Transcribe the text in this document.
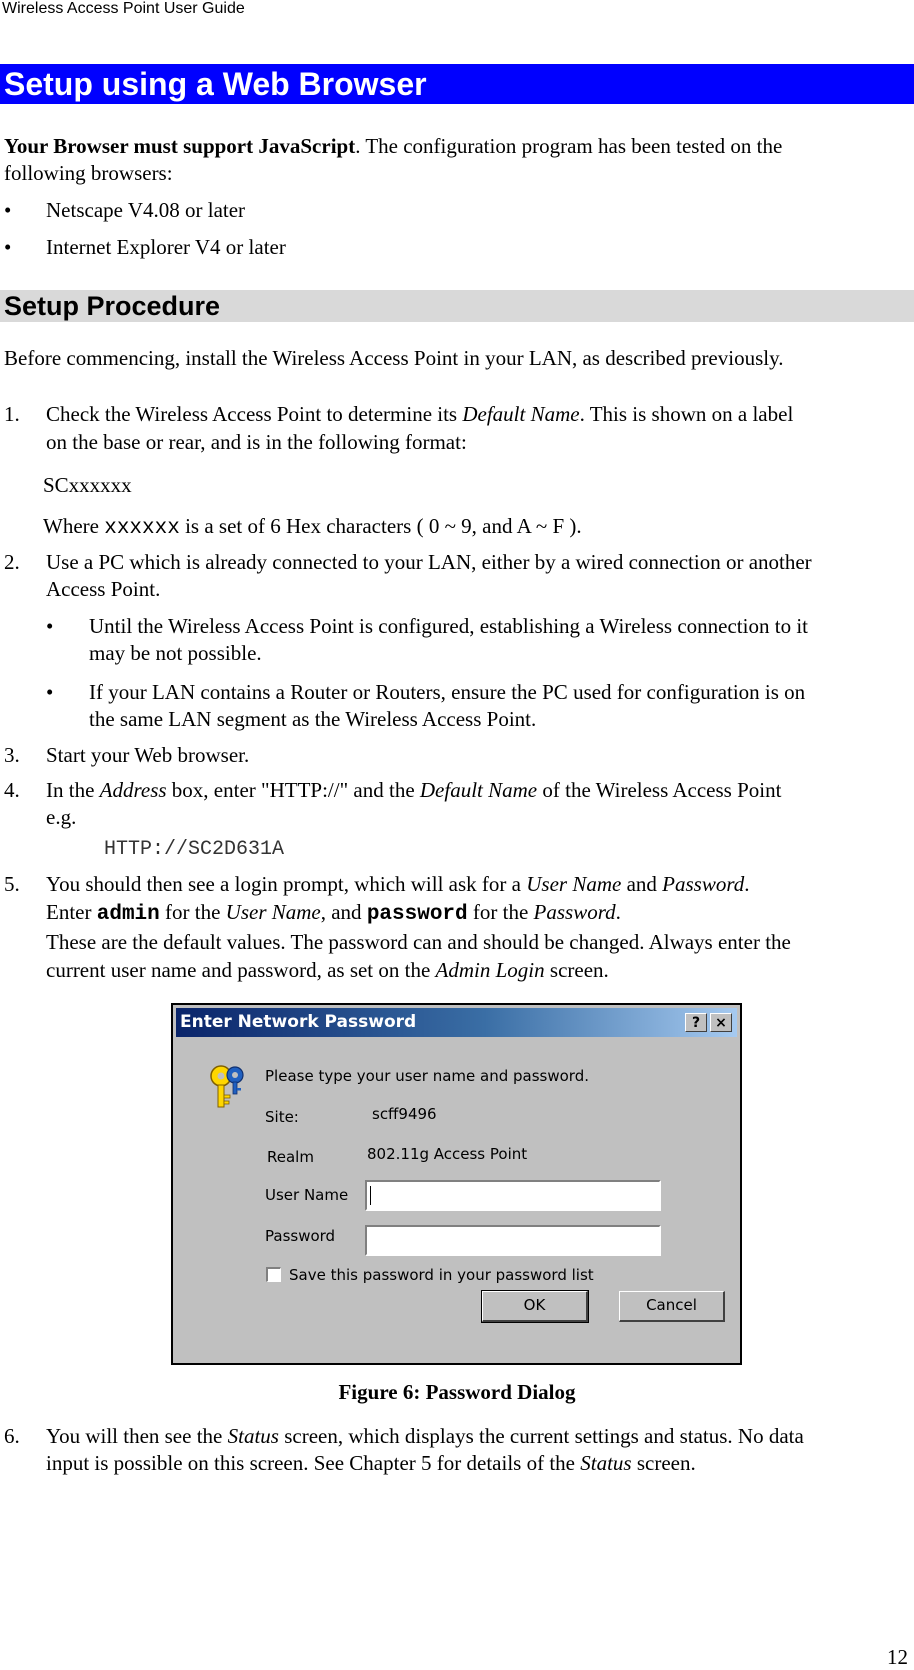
Wireless Access Point User Guide
Setup using a Web Browser
Your Browser must support JavaScript. The configuration program has been tested on the
following browsers:
•	Netscape V4.08 or later
•	Internet Explorer V4 or later
Setup Procedure
Before commencing, install the Wireless Access Point in your LAN, as described previously.
1. Check the Wireless Access Point to determine its Default Name. This is shown on a label
on the base or rear, and is in the following format:
SCxxxxxx
Where xxxxxx is a set of 6 Hex characters ( 0 ~ 9, and A ~ F ).
2. Use a PC which is already connected to your LAN, either by a wired connection or another
Access Point.
•	Until the Wireless Access Point is configured, establishing a Wireless connection to it
may be not possible.
•	If your LAN contains a Router or Routers, ensure the PC used for configuration is on
the same LAN segment as the Wireless Access Point.
3. Start your Web browser.
4. In the Address box, enter "HTTP://" and the Default Name of the Wireless Access Point
e.g.
HTTP://SC2D631A
5. You should then see a login prompt, which will ask for a User Name and Password.
Enter admin for the User Name, and password for the Password.
These are the default values. The password can and should be changed. Always enter the
current user name and password, as set on the Admin Login screen.
Enter Network Password	?	×
Please type your user name and password.
Site:	scff9496
Realm	802.11g Access Point
User Name
Password
Save this password in your password list
OK	Cancel
Figure 6: Password Dialog
6. You will then see the Status screen, which displays the current settings and status. No data
input is possible on this screen. See Chapter 5 for details of the Status screen.
12
